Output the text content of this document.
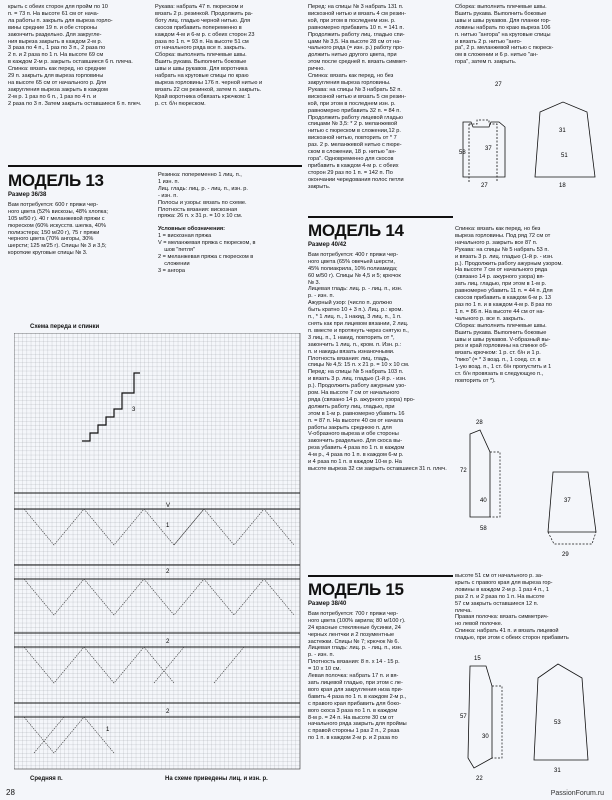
крыть с обеих сторон для пройм по 10

п. = 73 п. На высоте 61 см от нача-

ла работы п. закрыть для выреза горло-

вины средние 19 п. и обе стороны

закончить раздельно. Для закругле-

ния выреза закрыть в каждом 2-м р.

3 раза по 4 п., 1 раз по 3 п., 2 раза по

2 п. и 2 раза по 1 п. На высоте 69 см

в каждом 2-м р. закрыть оставшиеся 6 п. плеча.

Спинка: вязать как перед, но средние

29 п. закрыть для выреза горловины

на высоте 65 см от начального р. Для

закругления выреза закрыть в каждом

2-м р. 1 раз по 6 п., 1 раз по 4 п. и

2 раза по 3 п. Затем закрыть оставшиеся 6 п. плеч.

Рукава: набрать 47 п. пюреском и

вязать 2 р. резинкой. Продолжить ра-

боту лиц. гладью черной нитью. Для

скосов прибавить попеременно в

каждом 4-м и 6-м р. с обеих сторон 23

раза по 1 п. = 93 п. На высоте 51 см

от начального ряда все п. закрыть.

Сборка: выполнить плечевые швы.

Вшить рукава. Выполнить боковые

швы и швы рукавов. Для воротника

набрать на круговые спицы по краю

выреза горловины 176 п. черной нитью и

вязать 22 см резинкой, затем п. закрыть.

Край воротника обвязать крючком: 1

р. ст. б/н пюреском.

Перед: на спицы № 3 набрать 131 п.

вискозной нитью и вязать 4 см резин-

кой, при этом в последнем изн. р.

равномерно прибавить 10 п. = 141 п.

Продолжить работу лиц. гладью спи-

цами № 3,5. На высоте 28 см от на-

чального ряда (= изн. р.) работу про-

должить нитью другого цвета, при

этом после средней п. вязать симмет-

рично.

Спинка: вязать как перед, но без

закругления выреза горловины.

Рукава: на спицы № 3 набрать 52 п.

вискозной нитью и вязать 5 см резин-

кой, при этом в последнем изн. р.

равномерно прибавить 32 п. = 84 п.

Продолжить работу лицевой гладью

спицами № 3,5: * 2 р. меланжевой

нитью с пюреском в сложении,12 р.

вискозной нитью, повторить от * 7

раз. 2 р. меланжевой нитью с пюре-

ском в сложении, 18 р. нитью "ан-

гора". Одновременно для скосов

прибавить в каждом 4-м р. с обеих

сторон 29 раз по 1 п. = 142 п. По

окончании чередования полос петли

закрыть.

Сборка: выполнить плечевые швы.

Вшить рукава. Выполнить боковые

швы и швы рукавов. Для планки гор-

ловины набрать по краю выреза 106

п. нитью "ангора" на круговые спицы

и вязать 2 р. нитью "анго-

ра", 2 р. меланжевой нитью с пюреск-

ом в сложении и 6 р. нитью "ан-

гора", затем п. закрыть.

27
58
37
31
51
27	18
МОДЕЛЬ 13
Размер 36/38

Вам потребуется: 600 г пряжи чер-

ного цвета (52% вискозы, 48% хлопка;

105 м/50 г). 40 г меланжевой пряжи с

пюреском (60% искусств. шелка, 40%

полиэстера; 150 м/20 г), 75 г пряжи

черного цвета (70% ангоры, 30%

шерсти; 125 м/25 г). Спицы № 3 и 3,5;

короткие круговые спицы № 3.

Резинка: попеременно 1 лиц. п.,

1 изн. п.

Лиц. гладь: лиц. р. - лиц. п., изн. р.

- изн. п.

Полосы и узоры: вязать по схеме.

Плотность вязания: вискозная

пряжа: 26 п. x 31 р. = 10 x 10 см.

Условные обозначения:

1 = вискозная пряжа

V = меланжевая пряжа с пюреском, в

шов "петля"

2 = меланжевая пряжа с пюреском в

сложении

3 = ангора

Схема переда и спинки
3
V
1
2
2
2
1
Средняя п.	На схеме приведены лиц. и изн. р.
МОДЕЛЬ 14
Размер 40/42

Вам потребуется: 400 г пряжи чер-

ного цвета (65% овечьей шерсти,

45% полиакрила, 10% полиамида;

60 м/50 г). Спицы № 4,5 и 5; крючок

№ 3.

Лицевая гладь: лиц. р. - лиц. п., изн.

р. - изн. п.

Ажурный узор: (число п. должно

быть кратно 10 + 3 п.). Лиц. р.: кром.

п., * 1 лиц. п., 1 накид, 3 лиц. п., 1 п.

снять как при лицевом вязании, 2 лиц.

п. вместе и протянуть через снятую п.,

3 лиц. п., 1 накид, повторить от *,

закончить 1 лиц. п., кром. п. Изн. р.:

п. и накиды вязать изнаночными.

Плотность вязания: лиц. гладь,

спицы № 4,5: 15 п. x 21 р. = 10 x 10 см.

Перед: на спицы № 5 набрать 103 п.

и вязать 3 р. лиц. гладью (1-й р. - изн.

р.). Продолжить работу ажурным узо-

ром. На высоте 7 см от начального

ряда (связано 14 р. ажурного узора) про-

должить работу лиц. гладью, при

этом в 1-м р. равномерно убавить 16

п. = 87 п. На высоте 40 см от начала

работы закрыть среднюю п. для

V-образного выреза и обе стороны

закончить раздельно. Для скоса вы-

реза убавить 4 раза по 1 п. в каждом

4-м р., 4 раза по 1 п. в каждом 6-м р.

и 4 раза по 1 п. в каждом 10-м р. На

высоте выреза 32 см закрыть оставшиеся 31 п. плеч.

Спинка: вязать как перед, но без

выреза горловины. Под ряд 72 см от

начального р. закрыть все 87 п.

Рукава: на спицы № 5 набрать 53 п.

и вязать 3 р. лиц. гладью (1-й р. - изн.

р.). Продолжить работу ажурным узором.

На высоте 7 см от начального ряда

(связано 14 р. ажурного узора) вя-

зать лиц. гладью, при этом в 1-м р.

равномерно убавить 11 п. = 44 п. Для

скосов прибавить в каждом 6-м р. 13

раз по 1 п. и в каждом 4-м р. 8 раз по

1 п. = 86 п. На высоте 44 см от на-

чального р. все п. закрыть.

Сборка: выполнить плечевые швы.

Вшить рукава. Выполнить боковые

швы и швы рукавов. V-образный вы-

рез и край горловины на спинке об-

вязать крючком: 1 р. ст. б/н и 1 р.

"пико" (= * 3 возд. п., 1 соед. ст. в

1-ую возд. п., 1 ст. б/н пропустить и 1

ст. б/н провязать в следующую п.,

повторить от *).

28
72
40	37
58
29
МОДЕЛЬ 15
Размер 38/40

Вам потребуется: 700 г пряжи чер-

ного цвета (100% акрила; 80 м/100 г).

24 красные стеклянные бусинки, 24

черных лентчки и 2 позументные

застежки. Спицы № 7; крючок № 6.

Лицевая гладь: лиц. р. - лиц. п., изн.

р. - изн. п.

Плотность вязания: 8 п. x 14 - 15 р.

= 10 x 10 см.

Левая полочка: набрать 17 п. и вя-

зать лицевой гладью, при этом с ле-

вого края для закругления низа при-

бавить 4 раза по 1 п. в каждом 2-м р.,

с правого края прибавить для боко-

вого скоса 3 раза по 1 п. в каждом

8-м р. = 24 п. На высоте 30 см от

начального ряда закрыть для проймы

с правой стороны 1 раз 2 п., 2 раза

по 1 п. в каждом 2-м р. и 2 раза по

высоте 51 см от начального р. за-

крыть с правого края для выреза гор-

ловины в каждом 2-м р. 1 раз 4 п., 1

раз 2 п. и 2 раза по 1 п. На высоте

57 см закрыть оставшиеся 12 п.

плеча.

Правая полочка: вязать симметрич-

но левой полочке.

Спинка: набрать 41 п. и вязать лицевой

гладью, при этом с обеих сторон прибавить

15
57
30
53
22
31
28	PassionForum.ru
